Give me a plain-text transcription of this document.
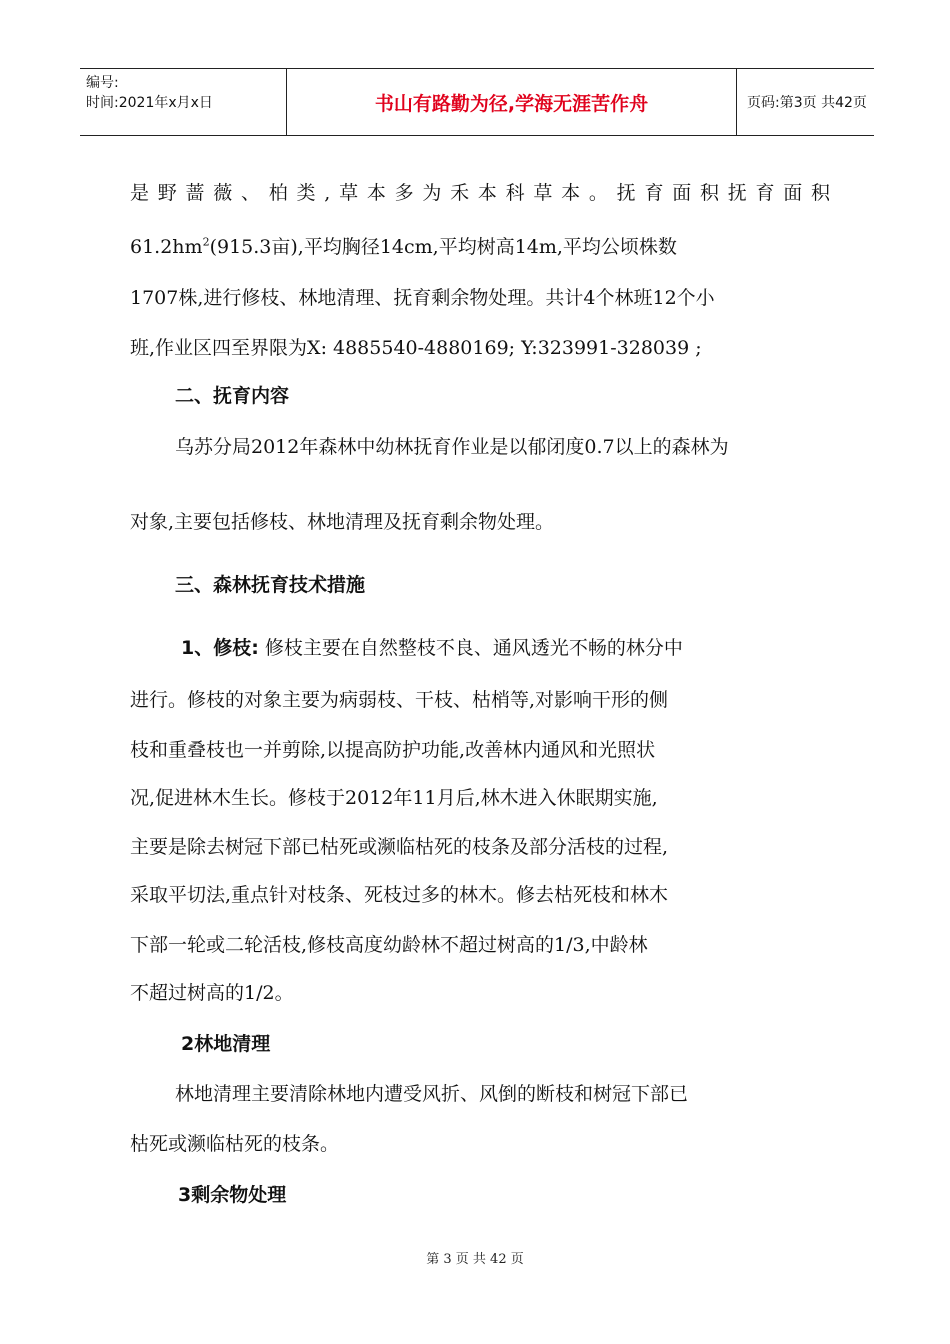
编号:
时间:2021年x月x日	书山有路勤为径,学海无涯苦作舟	页码:第3页 共42页
是野蔷薇、柏类,草本多为禾本科草本。抚育面积抚育面积
$61.2hm^2(915.3$亩),平均胸径14cm,平均树高14m,平均公顷株数
1707株,进行修枝、林地清理、抚育剩余物处理。共计4个林班12个小
班,作业区四至界限为X: 4885540-4880169; Y:323991-328039 ;
二、抚育内容
乌苏分局2012年森林中幼林抚育作业是以郁闭度0.7以上的森林为
对象,主要包括修枝、林地清理及抚育剩余物处理。
三、森林抚育技术措施
1、修枝: 修枝主要在自然整枝不良、通风透光不畅的林分中
进行。修枝的对象主要为病弱枝、干枝、枯梢等,对影响干形的侧
枝和重叠枝也一并剪除,以提高防护功能,改善林内通风和光照状
况,促进林木生长。修枝于2012年11月后,林木进入休眠期实施,
主要是除去树冠下部已枯死或濒临枯死的枝条及部分活枝的过程,
采取平切法,重点针对枝条、死枝过多的林木。修去枯死枝和林木
下部一轮或二轮活枝,修枝高度幼龄林不超过树高的1/3,中龄林
不超过树高的1/2。
2林地清理
林地清理主要清除林地内遭受风折、风倒的断枝和树冠下部已
枯死或濒临枯死的枝条。
3剩余物处理
第 3 页 共 42 页
